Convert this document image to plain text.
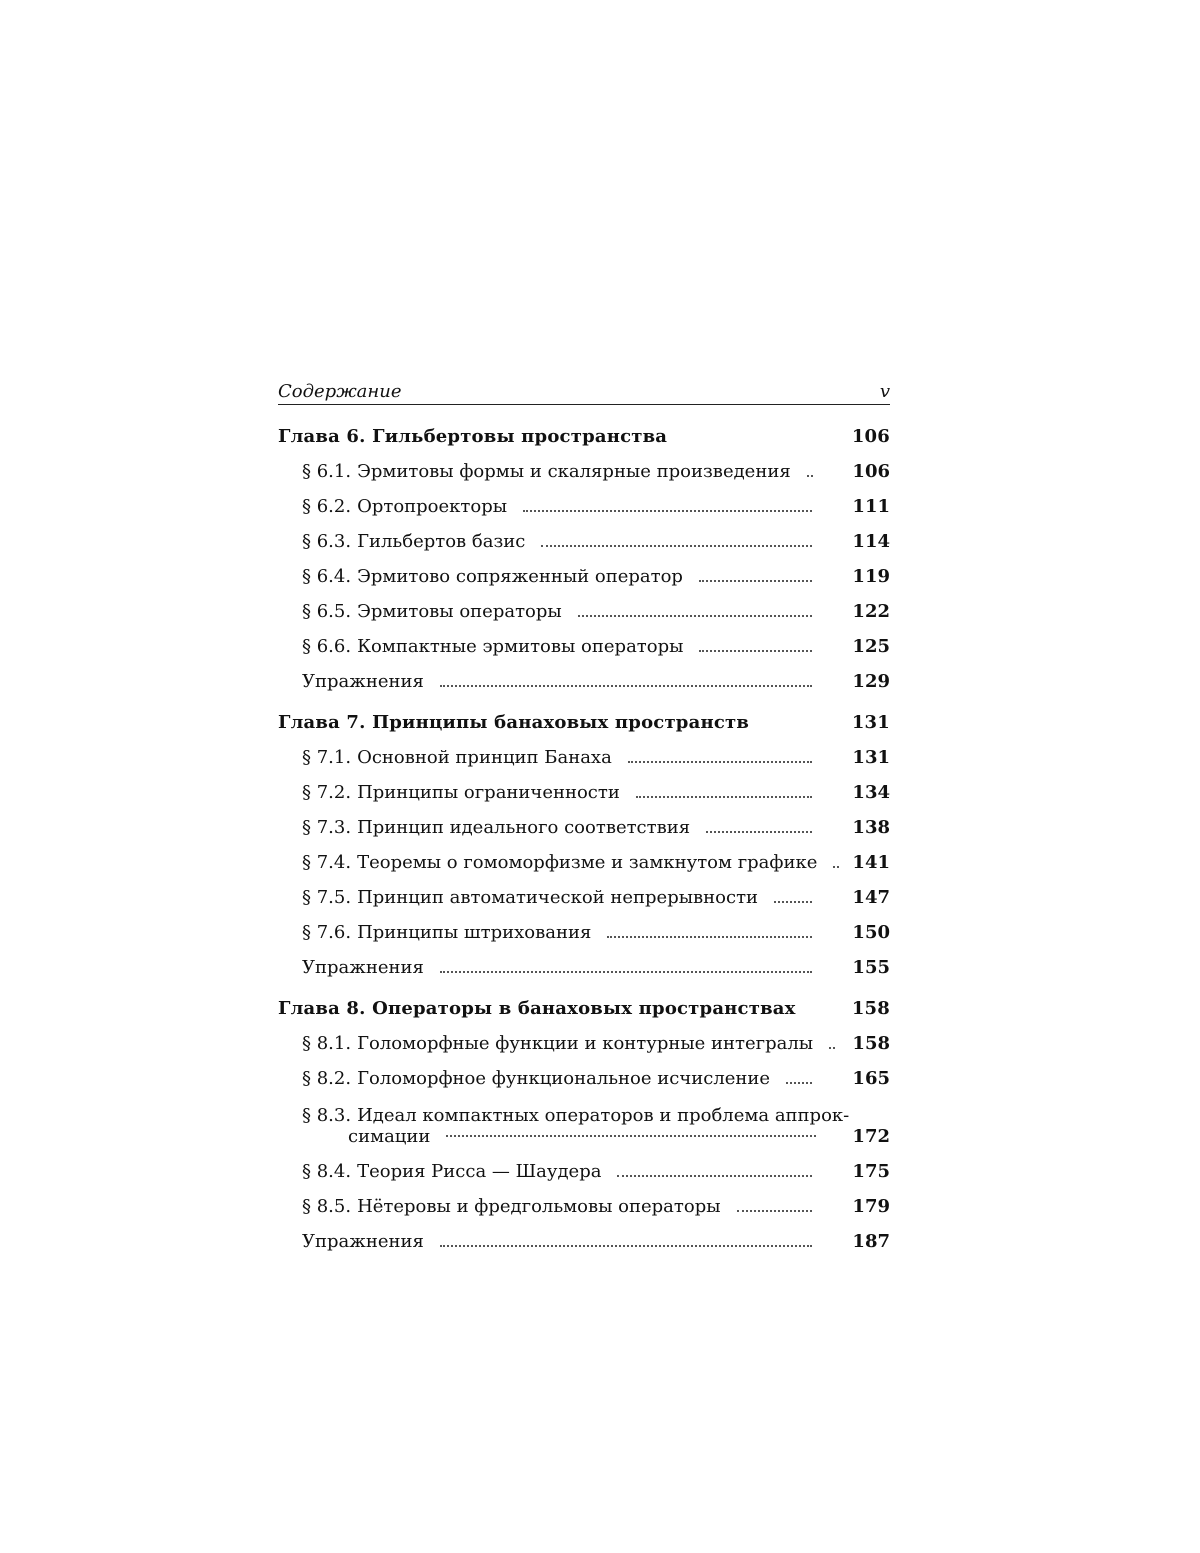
Содержание	v
Глава 6. Гильбертовы пространства	106
§ 6.1. Эрмитовы формы и скалярные произведения	106
§ 6.2. Ортопроекторы	111
§ 6.3. Гильбертов базис	114
§ 6.4. Эрмитово сопряженный оператор	119
§ 6.5. Эрмитовы операторы	122
§ 6.6. Компактные эрмитовы операторы	125
Упражнения	129
Глава 7. Принципы банаховых пространств	131
§ 7.1. Основной принцип Банаха	131
§ 7.2. Принципы ограниченности	134
§ 7.3. Принцип идеального соответствия	138
§ 7.4. Теоремы о гомоморфизме и замкнутом графике 141
§ 7.5. Принцип автоматической непрерывности	147
§ 7.6. Принципы штрихования	150
Упражнения	155
Глава 8. Операторы в банаховых пространствах	158
§ 8.1. Голоморфные функции и контурные интегралы	158
§ 8.2. Голоморфное функциональное исчисление	165
§ 8.3. Идеал компактных операторов и проблема аппрок-
симации	172
§ 8.4. Теория Рисса — Шаудера	175
§ 8.5. Нётеровы и фредгольмовы операторы	179
Упражнения	187
